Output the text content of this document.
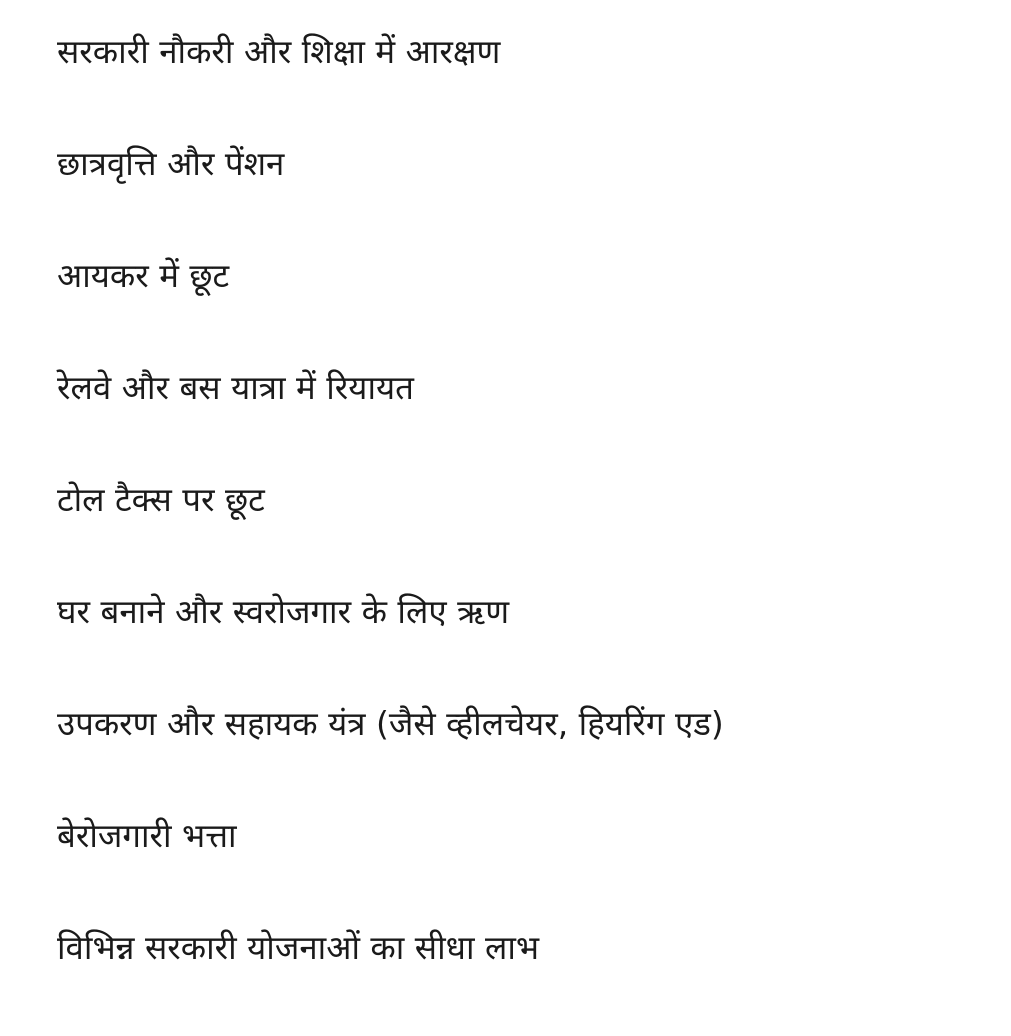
सरकारी नौकरी और शिक्षा में आरक्षण
छात्रवृत्ति और पेंशन
आयकर में छूट
रेलवे और बस यात्रा में रियायत
टोल टैक्स पर छूट
घर बनाने और स्वरोजगार के लिए ऋण
उपकरण और सहायक यंत्र (जैसे व्हीलचेयर, हियरिंग एड)
बेरोजगारी भत्ता
विभिन्न सरकारी योजनाओं का सीधा लाभ
